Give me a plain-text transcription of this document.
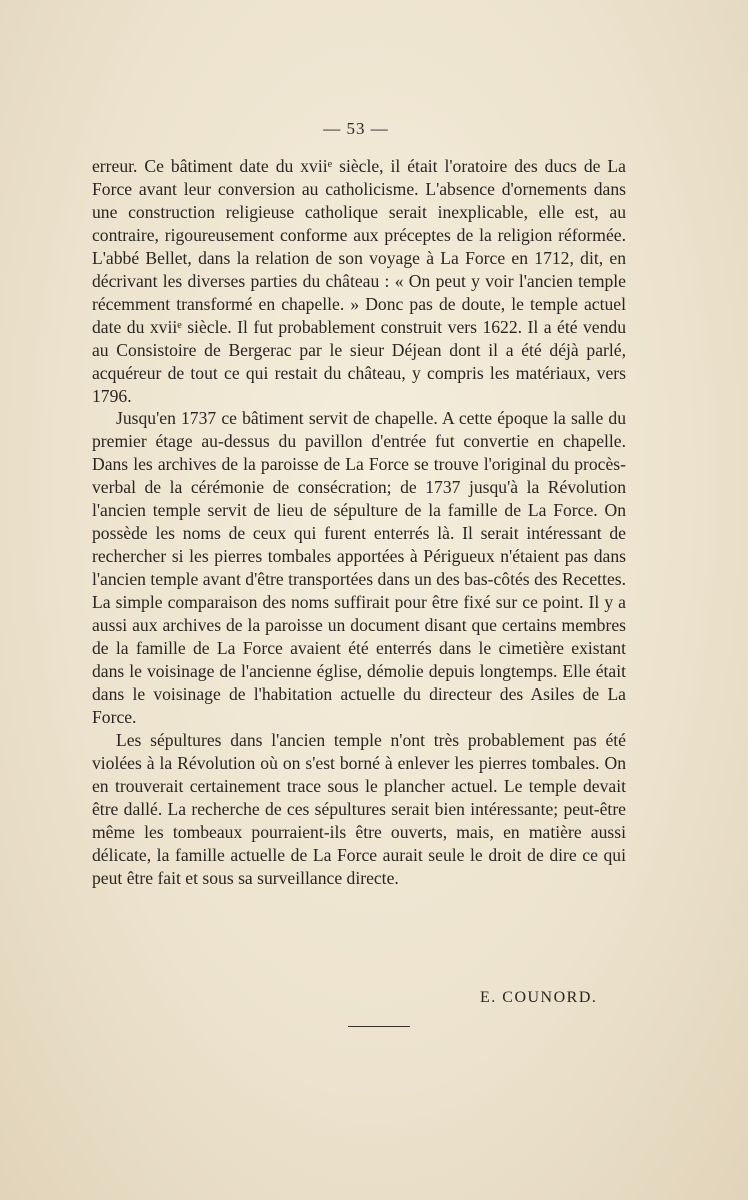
— 53 —

erreur. Ce bâtiment date du xviiᵉ siècle, il était l'oratoire des ducs de La Force avant leur conversion au catholicisme. L'absence d'ornements dans une construction religieuse catholique serait inexplicable, elle est, au contraire, rigoureusement conforme aux préceptes de la religion réformée. L'abbé Bellet, dans la relation de son voyage à La Force en 1712, dit, en décrivant les diverses parties du château : « On peut y voir l'ancien temple récemment transformé en chapelle. » Donc pas de doute, le temple actuel date du xviiᵉ siècle. Il fut probablement construit vers 1622. Il a été vendu au Consistoire de Bergerac par le sieur Déjean dont il a été déjà parlé, acquéreur de tout ce qui restait du château, y compris les matériaux, vers 1796.

Jusqu'en 1737 ce bâtiment servit de chapelle. A cette époque la salle du premier étage au-dessus du pavillon d'entrée fut convertie en chapelle. Dans les archives de la paroisse de La Force se trouve l'original du procès-verbal de la cérémonie de consécration; de 1737 jusqu'à la Révolution l'ancien temple servit de lieu de sépulture de la famille de La Force. On possède les noms de ceux qui furent enterrés là. Il serait intéressant de rechercher si les pierres tombales apportées à Périgueux n'étaient pas dans l'ancien temple avant d'être transportées dans un des bas-côtés des Recettes. La simple comparaison des noms suffirait pour être fixé sur ce point. Il y a aussi aux archives de la paroisse un document disant que certains membres de la famille de La Force avaient été enterrés dans le cimetière existant dans le voisinage de l'ancienne église, démolie depuis longtemps. Elle était dans le voisinage de l'habitation actuelle du directeur des Asiles de La Force.

Les sépultures dans l'ancien temple n'ont très probablement pas été violées à la Révolution où on s'est borné à enlever les pierres tombales. On en trouverait certainement trace sous le plancher actuel. Le temple devait être dallé. La recherche de ces sépultures serait bien intéressante; peut-être même les tombeaux pourraient-ils être ouverts, mais, en matière aussi délicate, la famille actuelle de La Force aurait seule le droit de dire ce qui peut être fait et sous sa surveillance directe.

E. COUNORD.
